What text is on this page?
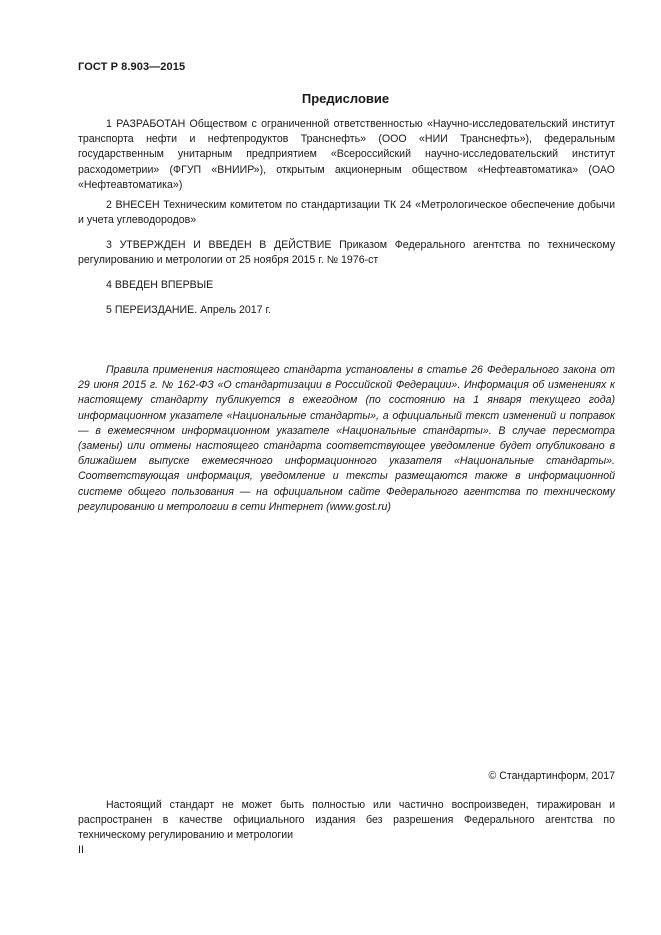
ГОСТ Р 8.903—2015
Предисловие
1 РАЗРАБОТАН Обществом с ограниченной ответственностью «Научно-исследовательский институт транспорта нефти и нефтепродуктов Транснефть» (ООО «НИИ Транснефть»), федеральным государственным унитарным предприятием «Всероссийский научно-исследовательский институт расходометрии» (ФГУП «ВНИИР»), открытым акционерным обществом «Нефтеавтоматика» (ОАО «Нефтеавтоматика»)
2 ВНЕСЕН Техническим комитетом по стандартизации ТК 24 «Метрологическое обеспечение добычи и учета углеводородов»
3 УТВЕРЖДЕН И ВВЕДЕН В ДЕЙСТВИЕ Приказом Федерального агентства по техническому регулированию и метрологии от 25 ноября 2015 г. № 1976-ст
4 ВВЕДЕН ВПЕРВЫЕ
5 ПЕРЕИЗДАНИЕ. Апрель 2017 г.
Правила применения настоящего стандарта установлены в статье 26 Федерального закона от 29 июня 2015 г. № 162-ФЗ «О стандартизации в Российской Федерации». Информация об изменениях к настоящему стандарту публикуется в ежегодном (по состоянию на 1 января текущего года) информационном указателе «Национальные стандарты», а официальный текст изменений и поправок — в ежемесячном информационном указателе «Национальные стандарты». В случае пересмотра (замены) или отмены настоящего стандарта соответствующее уведомление будет опубликовано в ближайшем выпуске ежемесячного информационного указателя «Национальные стандарты». Соответствующая информация, уведомление и тексты размещаются также в информационной системе общего пользования — на официальном сайте Федерального агентства по техническому регулированию и метрологии в сети Интернет (www.gost.ru)
© Стандартинформ, 2017
Настоящий стандарт не может быть полностью или частично воспроизведен, тиражирован и распространен в качестве официального издания без разрешения Федерального агентства по техническому регулированию и метрологии
II
